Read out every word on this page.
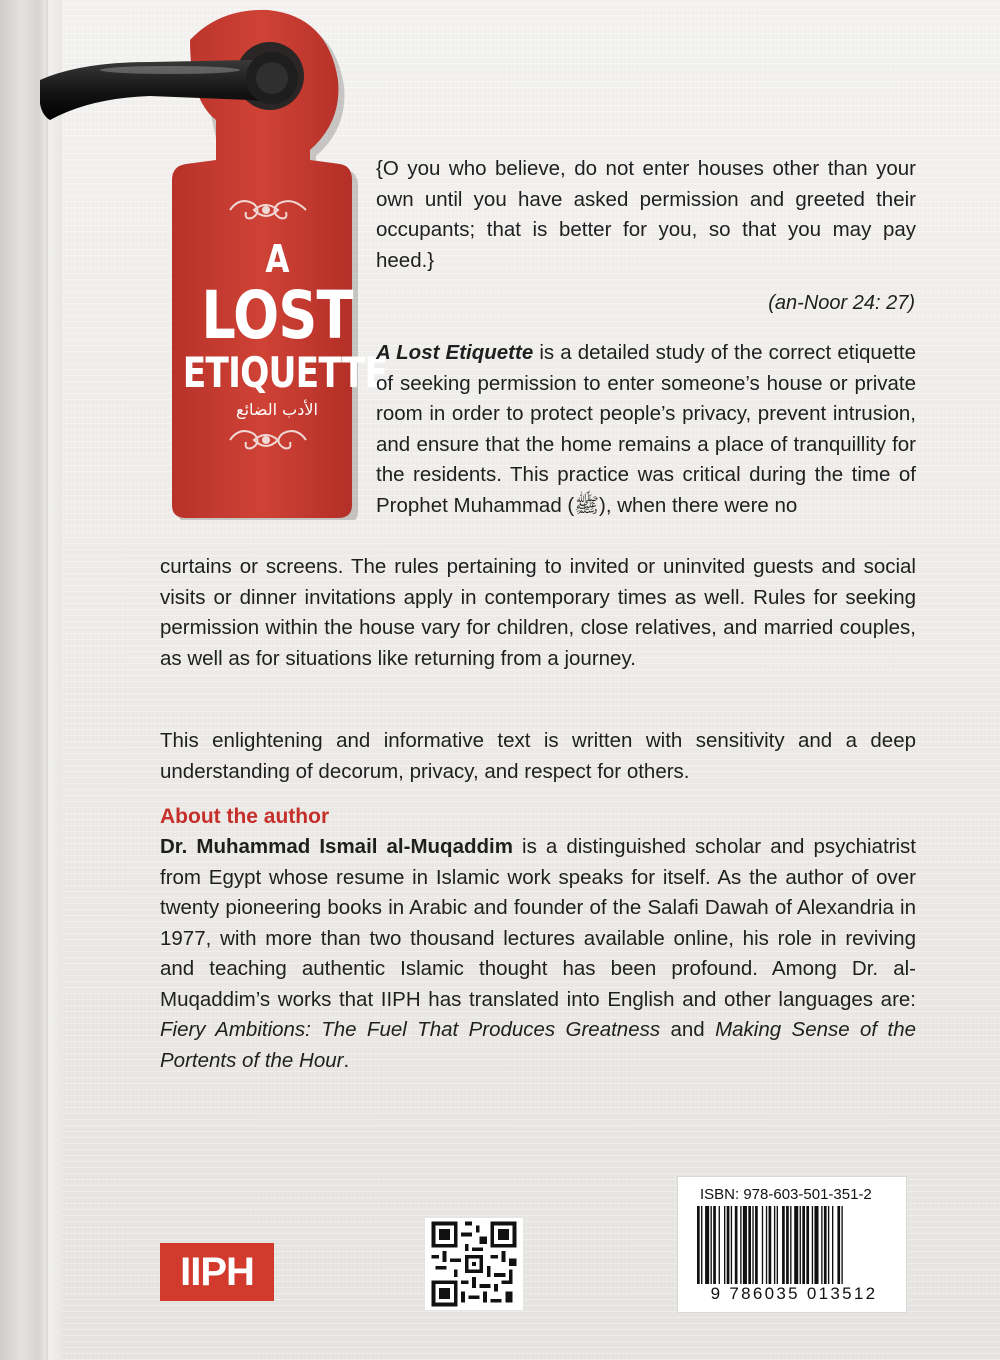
A
LOST
ETIQUETTE
الأدب الضائع
{O you who believe, do not enter houses other than your own until you have asked permission and greeted their occupants; that is better for you, so that you may pay heed.}
(an-Noor 24: 27)
A Lost Etiquette is a detailed study of the correct etiquette of seeking permission to enter someone’s house or private room in order to protect people’s privacy, prevent intrusion, and ensure that the home remains a place of tranquillity for the residents. This practice was critical during the time of Prophet Muhammad (ﷺ), when there were no
curtains or screens. The rules pertaining to invited or uninvited guests and social visits or dinner invitations apply in contemporary times as well. Rules for seeking permission within the house vary for children, close relatives, and married couples, as well as for situations like returning from a journey.
This enlightening and informative text is written with sensitivity and a deep understanding of decorum, privacy, and respect for others.
About the author
Dr. Muhammad Ismail al-Muqaddim is a distinguished scholar and psychiatrist from Egypt whose resume in Islamic work speaks for itself. As the author of over twenty pioneering books in Arabic and founder of the Salafi Dawah of Alexandria in 1977, with more than two thousand lectures available online, his role in reviving and teaching authentic Islamic thought has been profound. Among Dr. al-Muqaddim’s works that IIPH has translated into English and other languages are: Fiery Ambitions: The Fuel That Produces Greatness and Making Sense of the Portents of the Hour.
IIPH
ISBN: 978-603-501-351-2
9 786035 013512
